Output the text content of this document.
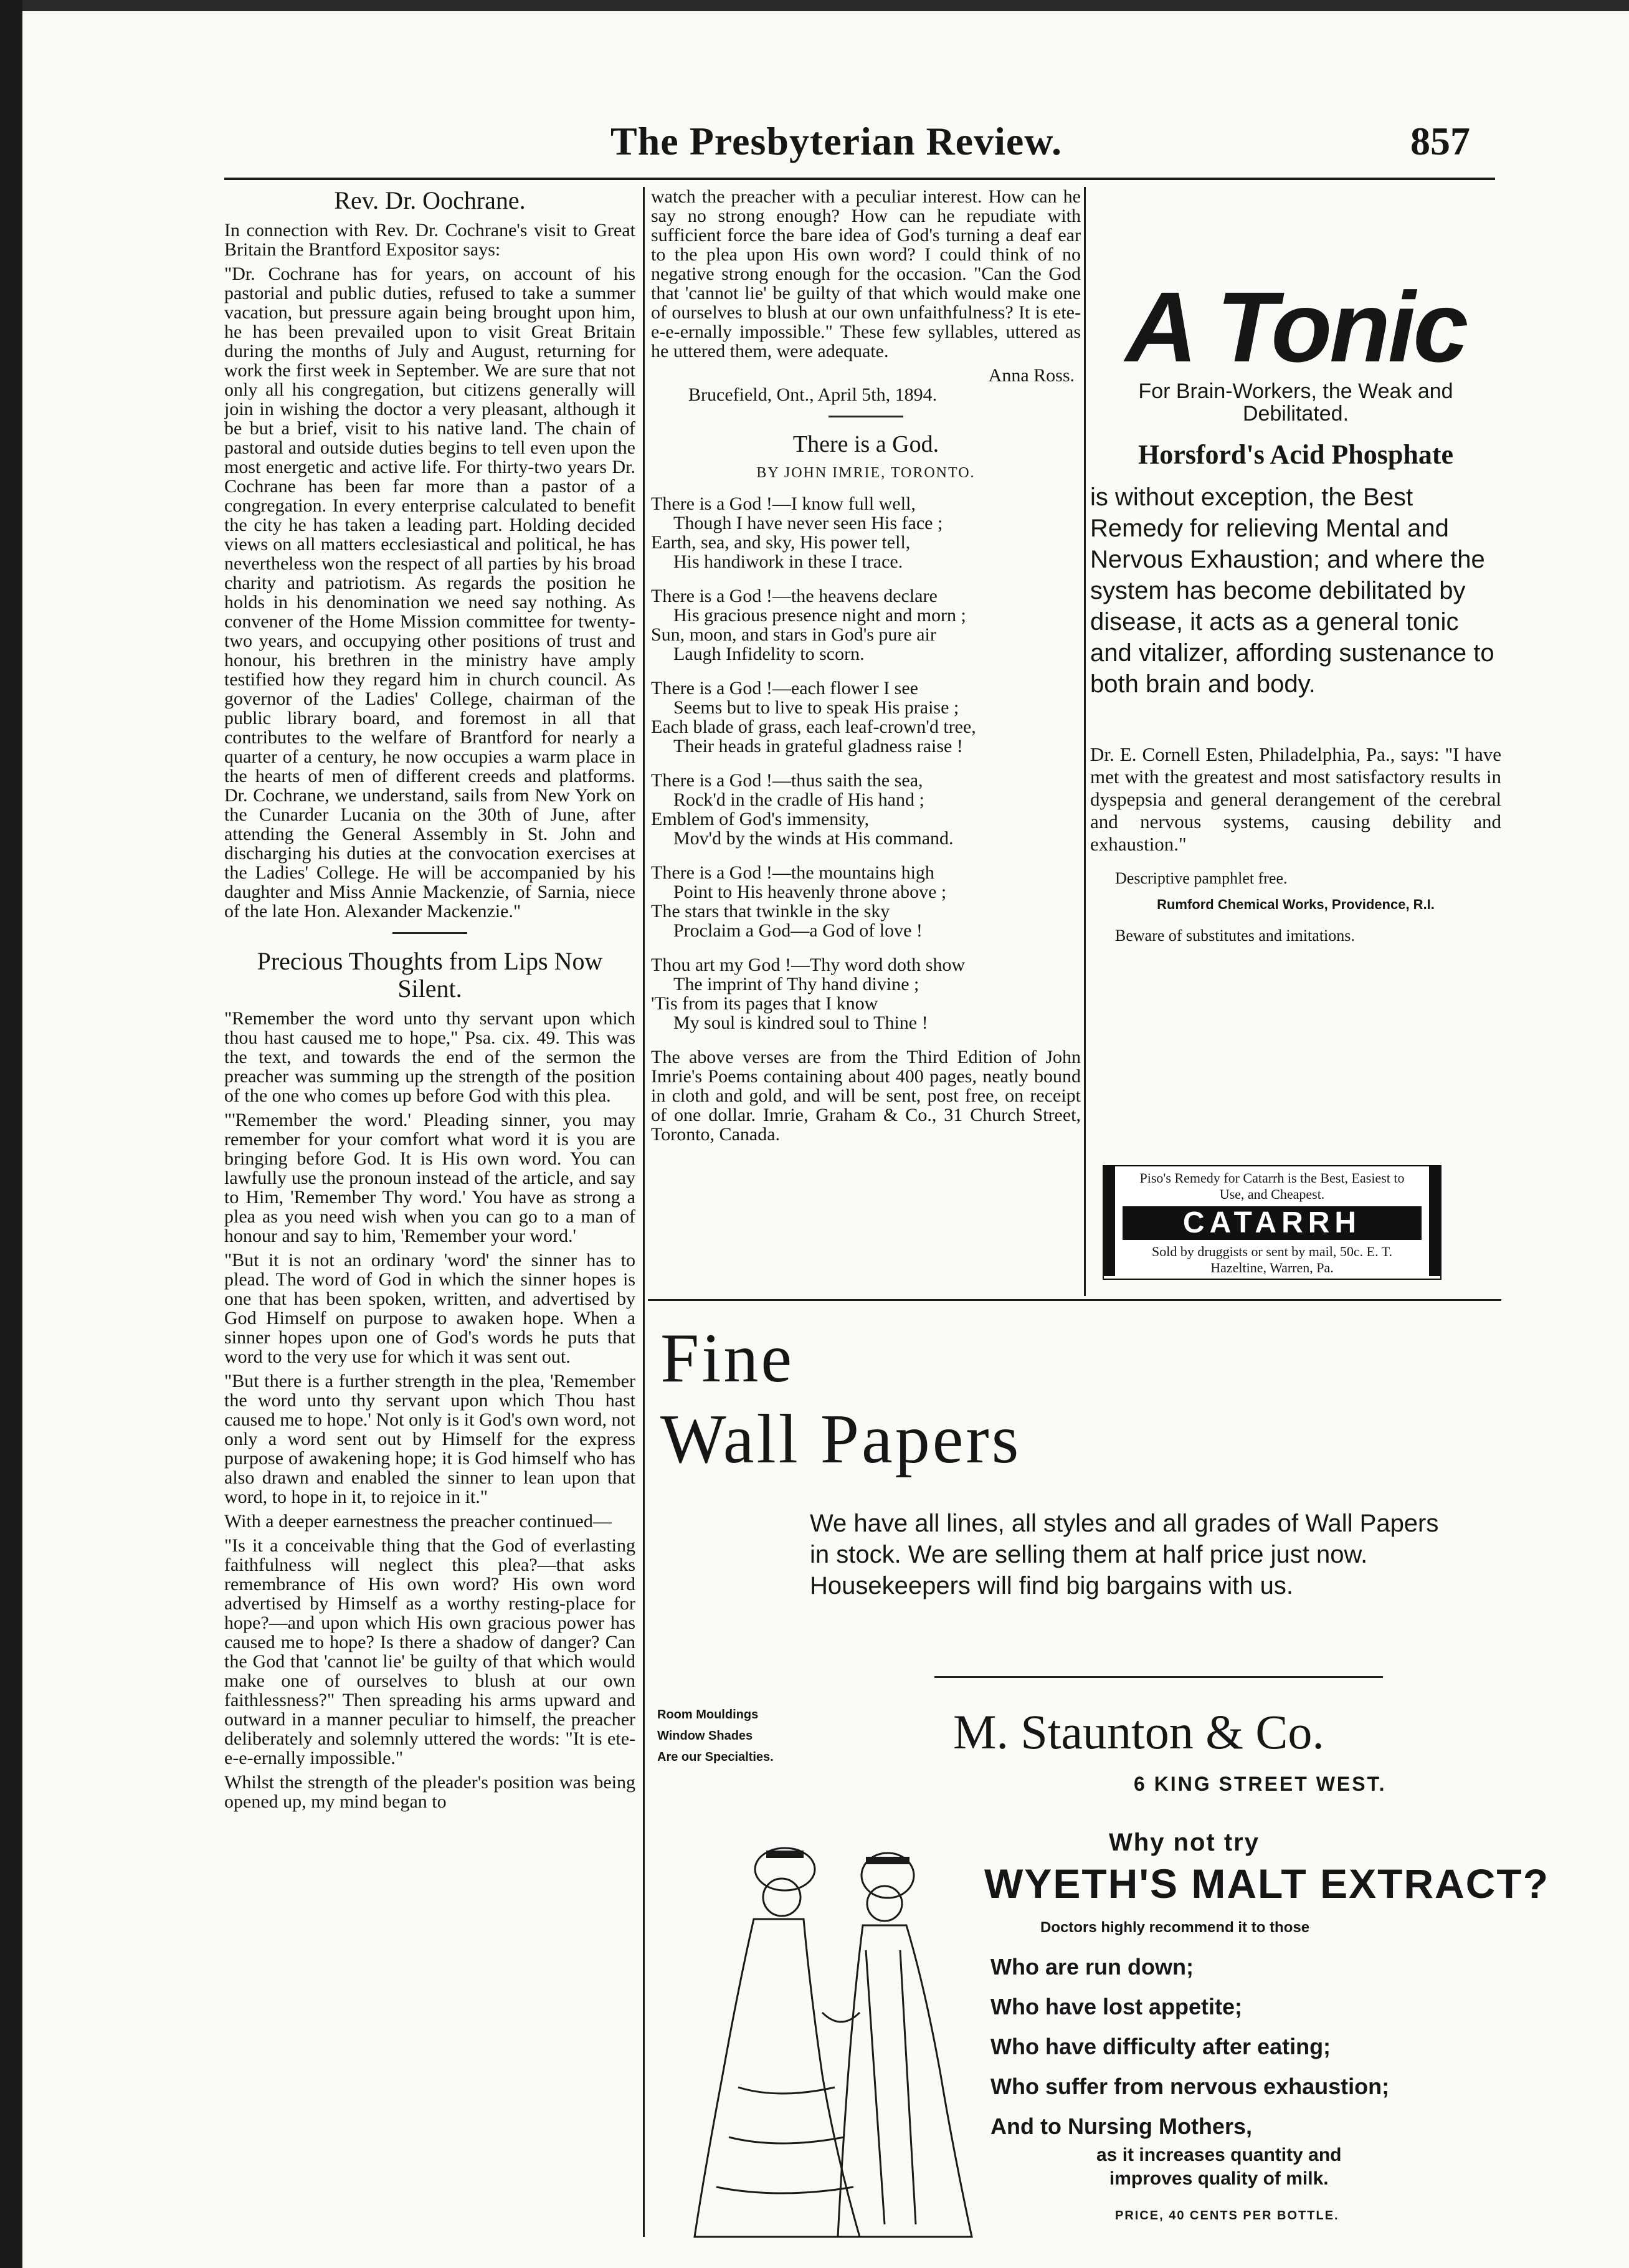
The Presbyterian Review.	857
Rev. Dr. Oochrane.

In connection with Rev. Dr. Cochrane's visit to Great Britain the Brantford Expositor says:

"Dr. Cochrane has for years, on account of his pastorial and public duties, refused to take a summer vacation, but pressure again being brought upon him, he has been prevailed upon to visit Great Britain during the months of July and August, returning for work the first week in September. We are sure that not only all his congregation, but citizens generally will join in wishing the doctor a very pleasant, although it be but a brief, visit to his native land. The chain of pastoral and outside duties begins to tell even upon the most energetic and active life. For thirty-two years Dr. Cochrane has been far more than a pastor of a congregation. In every enterprise calculated to benefit the city he has taken a leading part. Holding decided views on all matters ecclesiastical and political, he has nevertheless won the respect of all parties by his broad charity and patriotism. As regards the position he holds in his denomination we need say nothing. As convener of the Home Mission committee for twenty-two years, and occupying other positions of trust and honour, his brethren in the ministry have amply testified how they regard him in church council. As governor of the Ladies' College, chairman of the public library board, and foremost in all that contributes to the welfare of Brantford for nearly a quarter of a century, he now occupies a warm place in the hearts of men of different creeds and platforms. Dr. Cochrane, we understand, sails from New York on the Cunarder Lucania on the 30th of June, after attending the General Assembly in St. John and discharging his duties at the convocation exercises at the Ladies' College. He will be accompanied by his daughter and Miss Annie Mackenzie, of Sarnia, niece of the late Hon. Alexander Mackenzie."

Precious Thoughts from Lips Now Silent.

"Remember the word unto thy servant upon which thou hast caused me to hope," Psa. cix. 49. This was the text, and towards the end of the sermon the preacher was summing up the strength of the position of the one who comes up before God with this plea.

"'Remember the word.' Pleading sinner, you may remember for your comfort what word it is you are bringing before God. It is His own word. You can lawfully use the pronoun instead of the article, and say to Him, 'Remember Thy word.' You have as strong a plea as you need wish when you can go to a man of honour and say to him, 'Remember your word.'

"But it is not an ordinary 'word' the sinner has to plead. The word of God in which the sinner hopes is one that has been spoken, written, and advertised by God Himself on purpose to awaken hope. When a sinner hopes upon one of God's words he puts that word to the very use for which it was sent out.

"But there is a further strength in the plea, 'Remember the word unto thy servant upon which Thou hast caused me to hope.' Not only is it God's own word, not only a word sent out by Himself for the express purpose of awakening hope; it is God himself who has also drawn and enabled the sinner to lean upon that word, to hope in it, to rejoice in it."

With a deeper earnestness the preacher continued—

"Is it a conceivable thing that the God of everlasting faithfulness will neglect this plea?—that asks remembrance of His own word? His own word advertised by Himself as a worthy resting-place for hope?—and upon which His own gracious power has caused me to hope? Is there a shadow of danger? Can the God that 'cannot lie' be guilty of that which would make one of ourselves to blush at our own faithlessness?" Then spreading his arms upward and outward in a manner peculiar to himself, the preacher deliberately and solemnly uttered the words: "It is ete-e-e-ernally impossible."

Whilst the strength of the pleader's position was being opened up, my mind began to

watch the preacher with a peculiar interest. How can he say no strong enough? How can he repudiate with sufficient force the bare idea of God's turning a deaf ear to the plea upon His own word? I could think of no negative strong enough for the occasion. "Can the God that 'cannot lie' be guilty of that which would make one of ourselves to blush at our own unfaithfulness? It is ete-e-e-ernally impossible." These few syllables, uttered as he uttered them, were adequate.

Anna Ross.
Brucefield, Ont., April 5th, 1894.
There is a God.
BY JOHN IMRIE, TORONTO.
There is a God !—I know full well,
Though I have never seen His face ;
Earth, sea, and sky, His power tell,
His handiwork in these I trace.
There is a God !—the heavens declare
His gracious presence night and morn ;
Sun, moon, and stars in God's pure air
Laugh Infidelity to scorn.
There is a God !—each flower I see
Seems but to live to speak His praise ;
Each blade of grass, each leaf-crown'd tree,
Their heads in grateful gladness raise !
There is a God !—thus saith the sea,
Rock'd in the cradle of His hand ;
Emblem of God's immensity,
Mov'd by the winds at His command.
There is a God !—the mountains high
Point to His heavenly throne above ;
The stars that twinkle in the sky
Proclaim a God—a God of love !
Thou art my God !—Thy word doth show
The imprint of Thy hand divine ;
'Tis from its pages that I know
My soul is kindred soul to Thine !

The above verses are from the Third Edition of John Imrie's Poems containing about 400 pages, neatly bound in cloth and gold, and will be sent, post free, on receipt of one dollar. Imrie, Graham & Co., 31 Church Street, Toronto, Canada.

A Tonic
For Brain-Workers, the Weak and Debilitated.
Horsford's Acid Phosphate
is without exception, the Best Remedy for relieving Mental and Nervous Exhaustion; and where the system has become debilitated by disease, it acts as a general tonic and vitalizer, affording sustenance to both brain and body.
Dr. E. Cornell Esten, Philadelphia, Pa., says: "I have met with the greatest and most satisfactory results in dyspepsia and general derangement of the cerebral and nervous systems, causing debility and exhaustion."
Descriptive pamphlet free.
Rumford Chemical Works, Providence, R.I.
Beware of substitutes and imitations.
Piso's Remedy for Catarrh is the Best, Easiest to Use, and Cheapest.
CATARRH
Sold by druggists or sent by mail, 50c. E. T. Hazeltine, Warren, Pa.
Fine
Wall Papers
We have all lines, all styles and all grades of Wall Papers in stock. We are selling them at half price just now. Housekeepers will find big bargains with us.
Room Mouldings
Window Shades
Are our Specialties.	M. Staunton & Co.
6 KING STREET WEST.
Why not try
WYETH'S MALT EXTRACT?
Doctors highly recommend it to those
Who are run down;
Who have lost appetite;
Who have difficulty after eating;
Who suffer from nervous exhaustion;
And to Nursing Mothers,
as it increases quantity and
improves quality of milk.
PRICE, 40 CENTS PER BOTTLE.
